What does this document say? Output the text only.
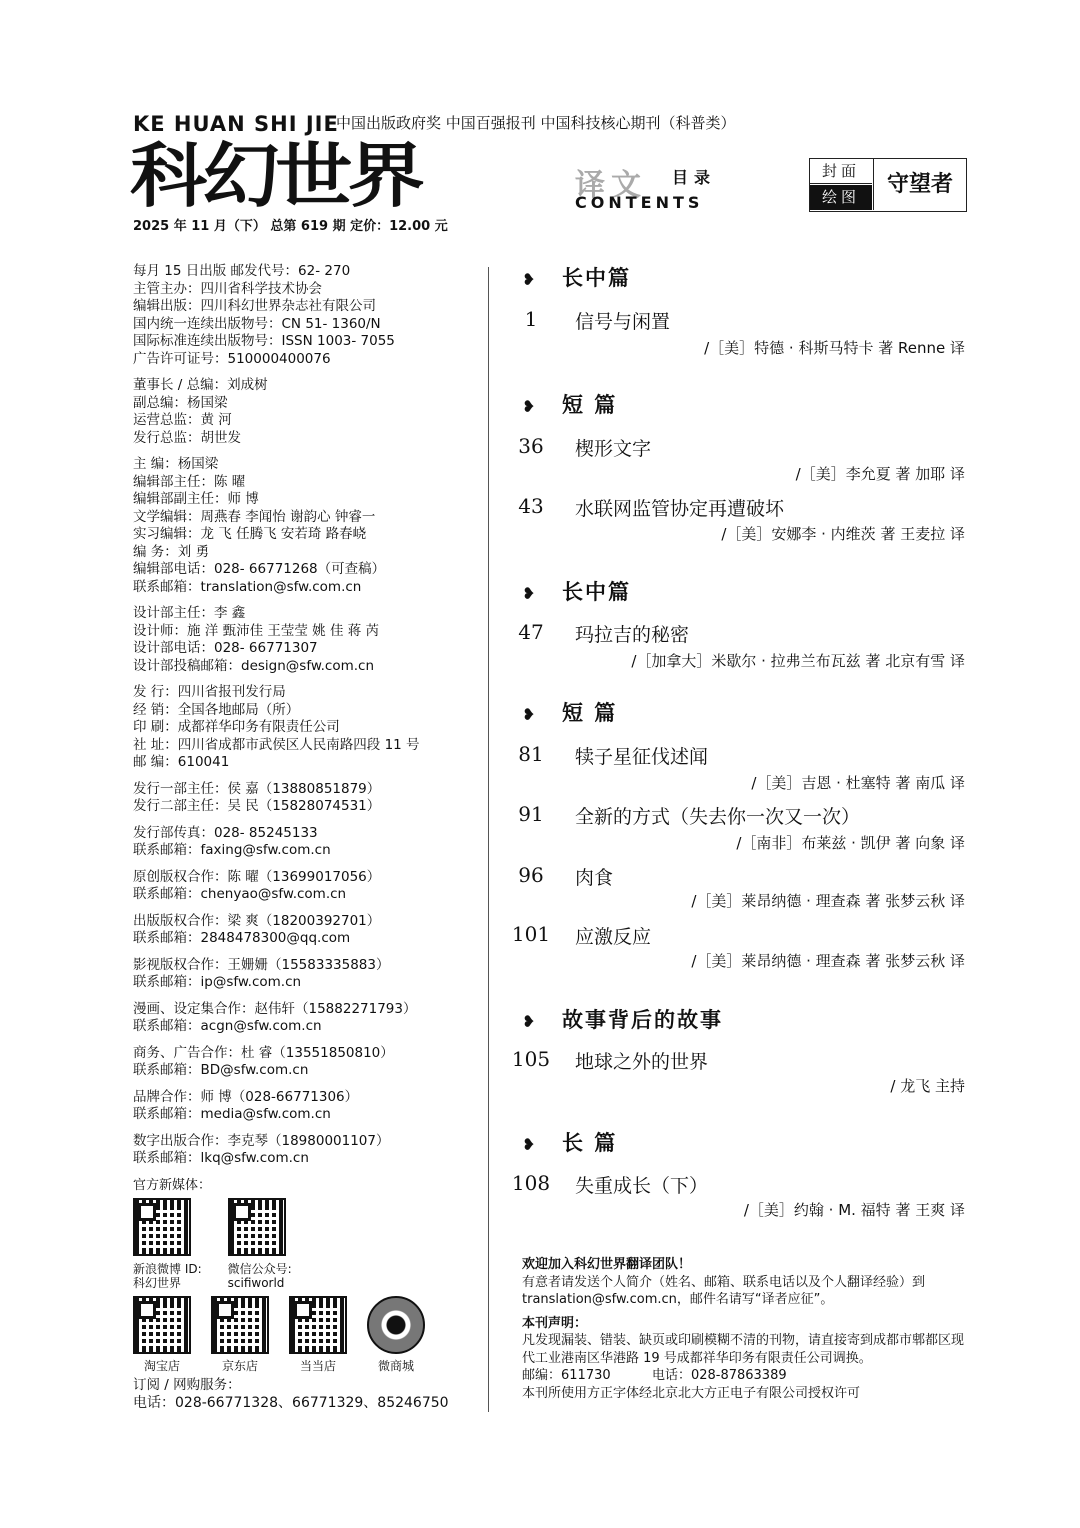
KE HUAN SHI JIE
中国出版政府奖 中国百强报刊 中国科技核心期刊（科普类）
科幻世界
2025 年 11 月（下） 总第 619 期 定价：12.00 元
译文 目录
CONTENTS
封面
绘图	守望者
每月 15 日出版 邮发代号：62- 270
主管主办：四川省科学技术协会
编辑出版：四川科幻世界杂志社有限公司
国内统一连续出版物号：CN 51- 1360/N
国际标准连续出版物号：ISSN 1003- 7055
广告许可证号：510000400076
董事长 / 总编：刘成树
副总编：杨国梁
运营总监：黄 河
发行总监：胡世发
主 编：杨国梁
编辑部主任：陈 曜
编辑部副主任：师 博
文学编辑：周燕春 李闻怡 谢韵心 钟睿一
实习编辑：龙 飞 任腾飞 安若琦 路春峣
编 务：刘 勇
编辑部电话：028- 66771268（可查稿）
联系邮箱：translation@sfw.com.cn
设计部主任：李 鑫
设计师：施 洋 甄沛佳 王莹莹 姚 佳 蒋 芮
设计部电话：028- 66771307
设计部投稿邮箱：design@sfw.com.cn
发 行：四川省报刊发行局
经 销：全国各地邮局（所）
印 刷：成都祥华印务有限责任公司
社 址：四川省成都市武侯区人民南路四段 11 号
邮 编：610041
发行一部主任：侯 嘉（13880851879）
发行二部主任：吴 民（15828074531）
发行部传真：028- 85245133
联系邮箱：faxing@sfw.com.cn
原创版权合作：陈 曜（13699017056）
联系邮箱：chenyao@sfw.com.cn
出版版权合作：梁 爽（18200392701）
联系邮箱：2848478300@qq.com
影视版权合作：王姗姗（15583335883）
联系邮箱：ip@sfw.com.cn
漫画、设定集合作：赵伟轩（15882271793）
联系邮箱：acgn@sfw.com.cn
商务、广告合作：杜 睿（13551850810）
联系邮箱：BD@sfw.com.cn
品牌合作：师 博（028-66771306）
联系邮箱：media@sfw.com.cn
数字出版合作：李克琴（18980001107）
联系邮箱：lkq@sfw.com.cn
官方新媒体：
新浪微博 ID:
科幻世界
微信公众号:
scifiworld
淘宝店	京东店	当当店	微商城
订阅 / 网购服务：
电话：028-66771328、66771329、85246750
❥ 长中篇
❥ 短 篇
❥ 长中篇
❥ 短 篇
❥ 故事背后的故事
❥ 长 篇
1	信号与闲置
/［美］特德 · 科斯马特卡 著 Renne 译
36	楔形文字
/［美］李允夏 著 加耶 译
43	水联网监管协定再遭破坏
/［美］安娜李 · 内维茨 著 王麦拉 译
47	玛拉吉的秘密
/［加拿大］米歇尔 · 拉弗兰布瓦兹 著 北京有雪 译
81	犊子星征伐述闻
/［美］吉恩 · 杜塞特 著 南瓜 译
91	全新的方式（失去你一次又一次）
/［南非］布莱兹 · 凯伊 著 向象 译
96	肉食
/［美］莱昂纳德 · 理查森 著 张梦云秋 译
101 应激反应
/［美］莱昂纳德 · 理查森 著 张梦云秋 译
105 地球之外的世界
/ 龙飞 主持
108 失重成长（下）
/［美］约翰 · M. 福特 著 王爽 译
欢迎加入科幻世界翻译团队！
有意者请发送个人简介（姓名、邮箱、联系电话以及个人翻译经验）到 translation@sfw.com.cn，邮件名请写“译者应征”。
本刊声明：
凡发现漏装、错装、缺页或印刷模糊不清的刊物，请直接寄到成都市郫都区现代工业港南区华港路 19 号成都祥华印务有限责任公司调换。
邮编：611730          电话：028-87863389
本刊所使用方正字体经北京北大方正电子有限公司授权许可
